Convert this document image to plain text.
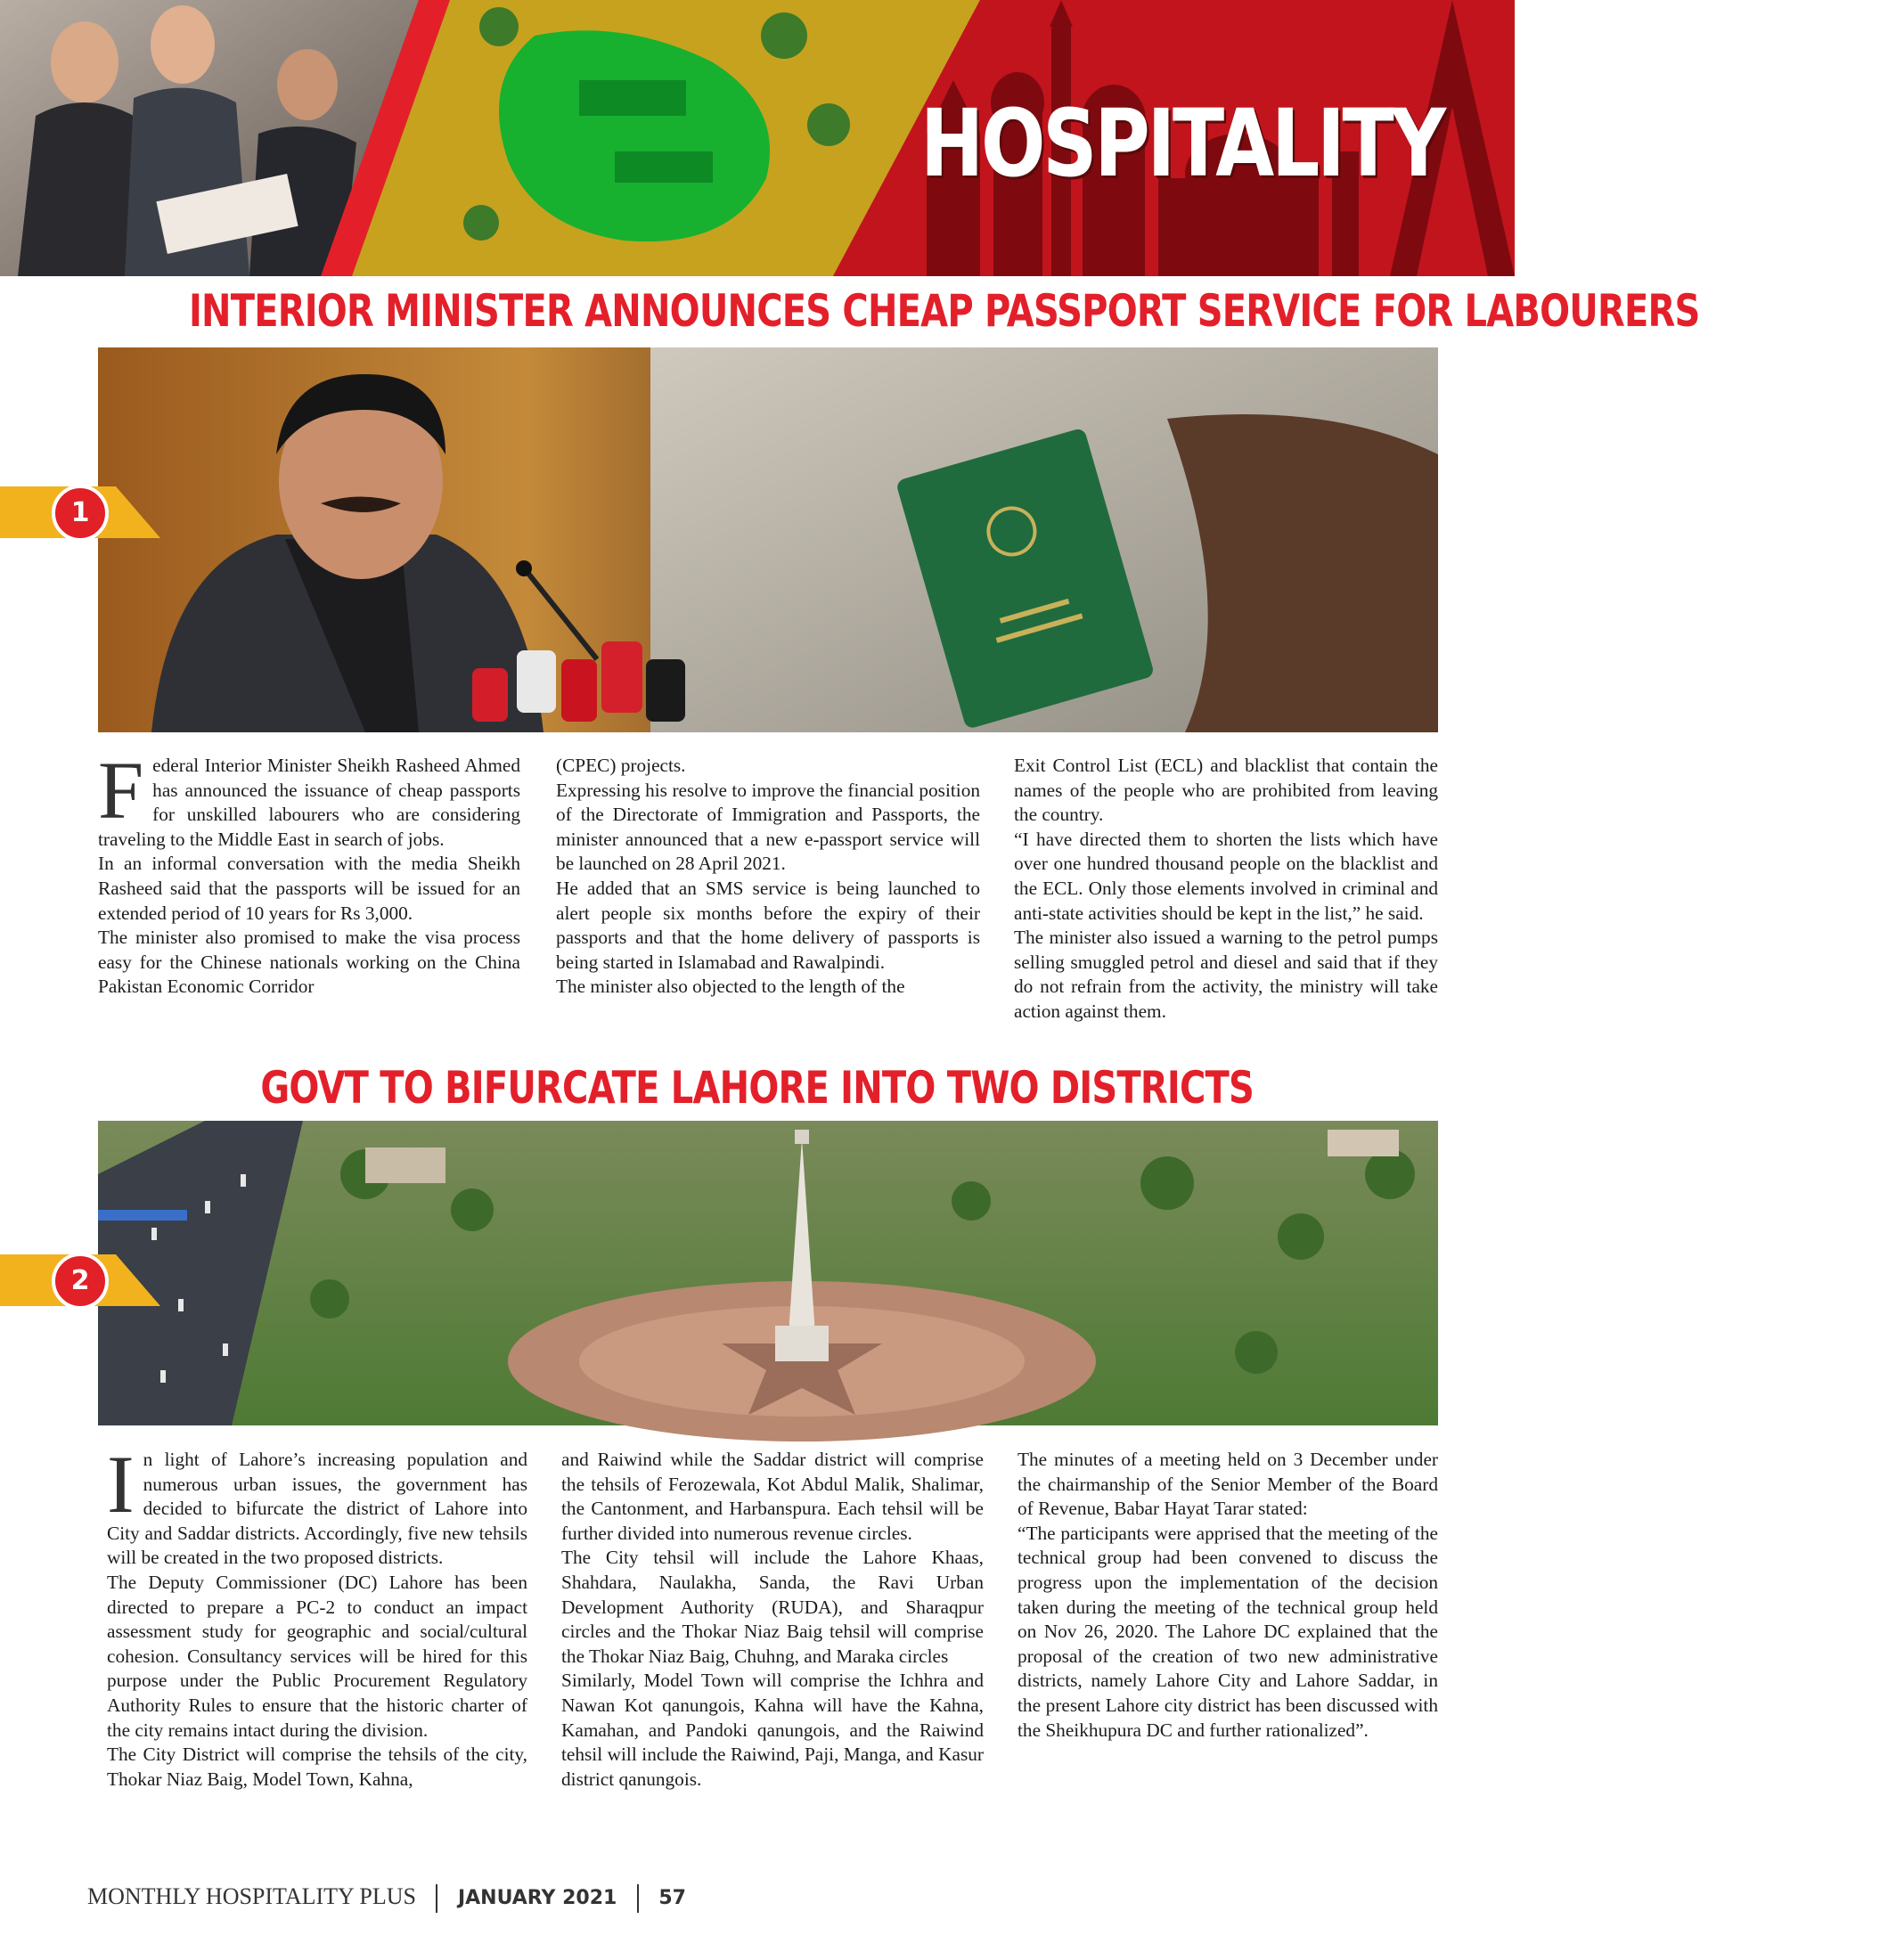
HOSPITALITY
INTERIOR MINISTER ANNOUNCES CHEAP PASSPORT SERVICE FOR LABOURERS
1
F ederal Interior Minister Sheikh Rasheed Ahmed has announced the issuance of cheap passports for unskilled labourers who are considering traveling to the Middle East in search of jobs.

In an informal conversation with the media Sheikh Rasheed said that the passports will be issued for an extended period of 10 years for Rs 3,000.

The minister also promised to make the visa process easy for the Chinese nationals working on the China Pakistan Economic Corridor

(CPEC) projects.

Expressing his resolve to improve the financial position of the Directorate of Immigration and Passports, the minister announced that a new e-passport service will be launched on 28 April 2021.

He added that an SMS service is being launched to alert people six months before the expiry of their passports and that the home delivery of passports is being started in Islamabad and Rawalpindi.

The minister also objected to the length of the

Exit Control List (ECL) and blacklist that contain the names of the people who are prohibited from leaving the country.

“I have directed them to shorten the lists which have over one hundred thousand people on the blacklist and the ECL. Only those elements involved in criminal and anti-state activities should be kept in the list,” he said.

The minister also issued a warning to the petrol pumps selling smuggled petrol and diesel and said that if they do not refrain from the activity, the ministry will take action against them.

GOVT TO BIFURCATE LAHORE INTO TWO DISTRICTS
2
I n light of Lahore’s increasing population and numerous urban issues, the government has decided to bifurcate the district of Lahore into City and Saddar districts. Accordingly, five new tehsils will be created in the two proposed districts.

The Deputy Commissioner (DC) Lahore has been directed to prepare a PC-2 to conduct an impact assessment study for geographic and social/cultural cohesion. Consultancy services will be hired for this purpose under the Public Procurement Regulatory Authority Rules to ensure that the historic charter of the city remains intact during the division.

The City District will comprise the tehsils of the city, Thokar Niaz Baig, Model Town, Kahna,

and Raiwind while the Saddar district will comprise the tehsils of Ferozewala, Kot Abdul Malik, Shalimar, the Cantonment, and Harbanspura. Each tehsil will be further divided into numerous revenue circles.

The City tehsil will include the Lahore Khaas, Shahdara, Naulakha, Sanda, the Ravi Urban Development Authority (RUDA), and Sharaqpur circles and the Thokar Niaz Baig tehsil will comprise the Thokar Niaz Baig, Chuhng, and Maraka circles

Similarly, Model Town will comprise the Ichhra and Nawan Kot qanungois, Kahna will have the Kahna, Kamahan, and Pandoki qanungois, and the Raiwind tehsil will include the Raiwind, Paji, Manga, and Kasur district qanungois.

The minutes of a meeting held on 3 December under the chairmanship of the Senior Member of the Board of Revenue, Babar Hayat Tarar stated:

“The participants were apprised that the meeting of the technical group had been convened to discuss the progress upon the implementation of the decision taken during the meeting of the technical group held on Nov 26, 2020. The Lahore DC explained that the proposal of the creation of two new administrative districts, namely Lahore City and Lahore Saddar, in the present Lahore city district has been discussed with the Sheikhupura DC and further rationalized”.

MONTHLY HOSPITALITY PLUS JANUARY 2021 57
